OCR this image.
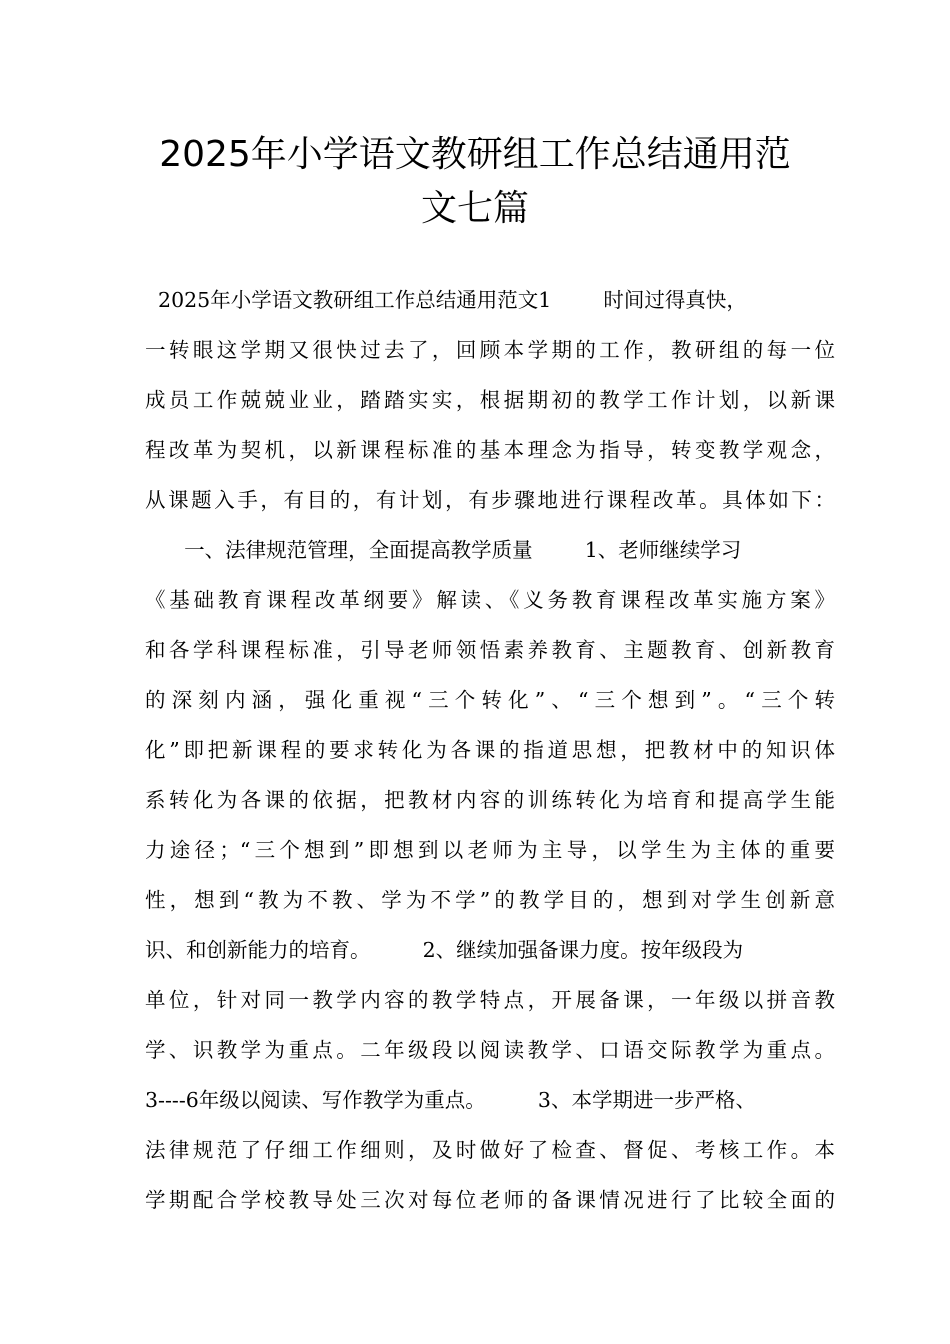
2025年小学语文教研组工作总结通用范
文七篇
2025年小学语文教研组工作总结通用范文1        时间过得真快，
一转眼这学期又很快过去了，回顾本学期的工作，教研组的每一位
成员工作兢兢业业，踏踏实实，根据期初的教学工作计划，以新课
程改革为契机，以新课程标准的基本理念为指导，转变教学观念，
从课题入手，有目的，有计划，有步骤地进行课程改革。具体如下：
一、法律规范管理，全面提高教学质量        1、老师继续学习
《基础教育课程改革纲要》解读、《义务教育课程改革实施方案》
和各学科课程标准，引导老师领悟素养教育、主题教育、创新教育
的深刻内涵，强化重视“三个转化”、“三个想到”。“三个转
化”即把新课程的要求转化为各课的指道思想，把教材中的知识体
系转化为各课的依据，把教材内容的训练转化为培育和提高学生能
力途径；“三个想到”即想到以老师为主导，以学生为主体的重要
性，想到“教为不教、学为不学”的教学目的，想到对学生创新意
识、和创新能力的培育。        2、继续加强备课力度。按年级段为
单位，针对同一教学内容的教学特点，开展备课，一年级以拼音教
学、识教学为重点。二年级段以阅读教学、口语交际教学为重点。
3----6年级以阅读、写作教学为重点。        3、本学期进一步严格、
法律规范了仔细工作细则，及时做好了检查、督促、考核工作。本
学期配合学校教导处三次对每位老师的备课情况进行了比较全面的
